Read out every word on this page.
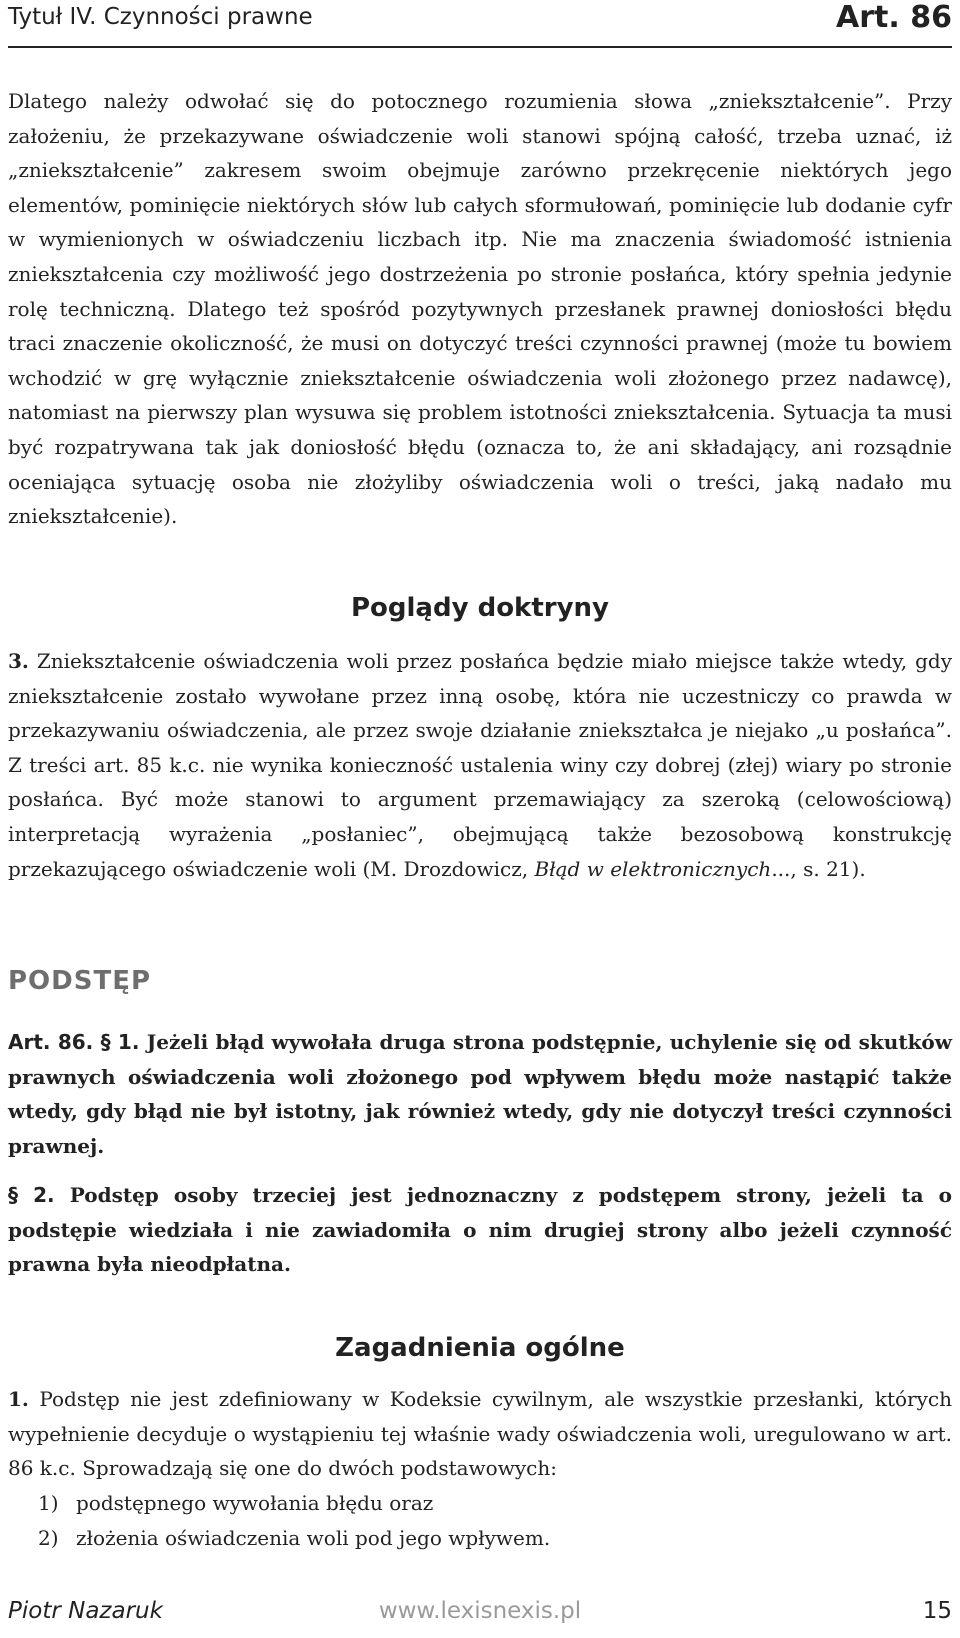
Tytuł IV. Czynności prawne	Art. 86

Dlatego należy odwołać się do potocznego rozumienia słowa „zniekształcenie”. Przy założeniu, że przekazywane oświadczenie woli stanowi spójną całość, trzeba uznać, iż „zniekształcenie” zakresem swoim obejmuje zarówno przekręcenie niektórych jego elementów, pominięcie niektórych słów lub całych sformułowań, pominięcie lub dodanie cyfr w wymienionych w oświadczeniu liczbach itp. Nie ma znaczenia świadomość istnienia zniekształcenia czy możliwość jego dostrzeżenia po stronie posłańca, który spełnia jedynie rolę techniczną. Dlatego też spośród pozytywnych przesłanek prawnej doniosłości błędu traci znaczenie okoliczność, że musi on dotyczyć treści czynności prawnej (może tu bowiem wchodzić w grę wyłącznie zniekształcenie oświadczenia woli złożonego przez nadawcę), natomiast na pierwszy plan wysuwa się problem istotności zniekształcenia. Sytuacja ta musi być rozpatrywana tak jak doniosłość błędu (oznacza to, że ani składający, ani rozsądnie oceniająca sytuację osoba nie złożyliby oświadczenia woli o treści, jaką nadało mu zniekształcenie).

Poglądy doktryny

3. Zniekształcenie oświadczenia woli przez posłańca będzie miało miejsce także wtedy, gdy zniekształcenie zostało wywołane przez inną osobę, która nie uczestniczy co prawda w przekazywaniu oświadczenia, ale przez swoje działanie zniekształca je niejako „u posłańca”. Z treści art. 85 k.c. nie wynika konieczność ustalenia winy czy dobrej (złej) wiary po stronie posłańca. Być może stanowi to argument przemawiający za szeroką (celowościową) interpretacją wyrażenia „posłaniec”, obejmującą także bezosobową konstrukcję przekazującego oświadczenie woli (M. Drozdowicz, Błąd w elektronicznych..., s. 21).

PODSTĘP

Art. 86. § 1. Jeżeli błąd wywołała druga strona podstępnie, uchylenie się od skutków prawnych oświadczenia woli złożonego pod wpływem błędu może nastąpić także wtedy, gdy błąd nie był istotny, jak również wtedy, gdy nie dotyczył treści czynności prawnej.

§ 2. Podstęp osoby trzeciej jest jednoznaczny z podstępem strony, jeżeli ta o podstępie wiedziała i nie zawiadomiła o nim drugiej strony albo jeżeli czynność prawna była nieodpłatna.

Zagadnienia ogólne

1. Podstęp nie jest zdefiniowany w Kodeksie cywilnym, ale wszystkie przesłanki, których wypełnienie decyduje o wystąpieniu tej właśnie wady oświadczenia woli, uregulowano w art. 86 k.c. Sprowadzają się one do dwóch podstawowych:

1) podstępnego wywołania błędu oraz
2) złożenia oświadczenia woli pod jego wpływem.
Piotr Nazaruk	www.lexisnexis.pl	15
